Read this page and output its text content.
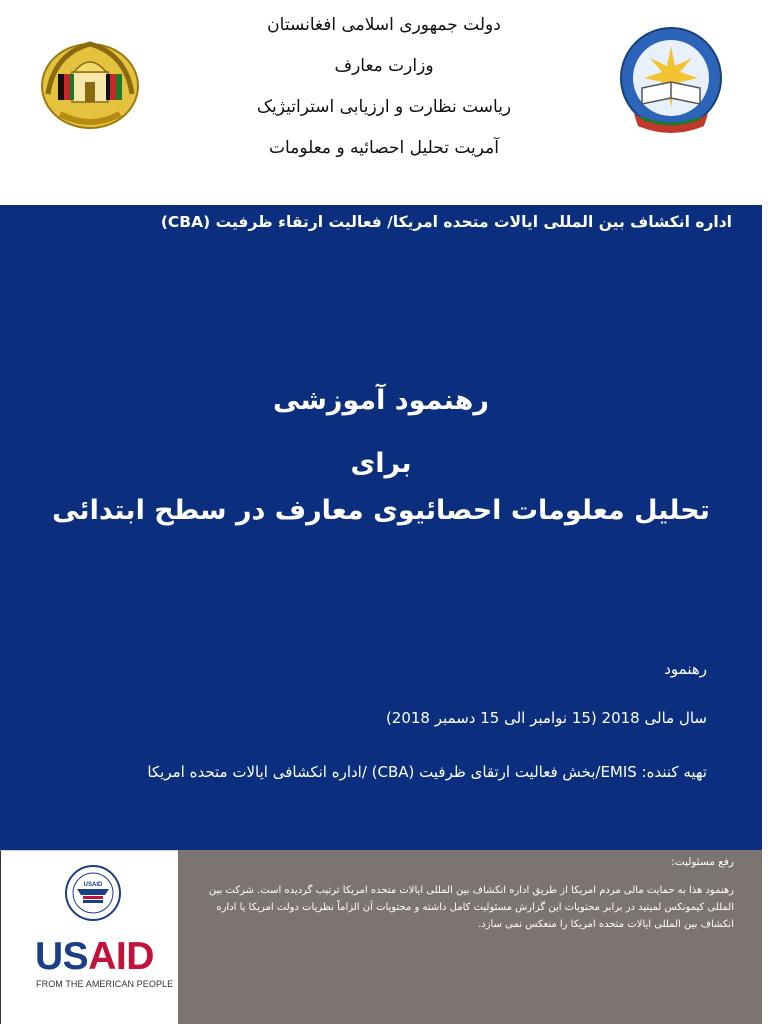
دولت جمهوری اسلامی افغانستان
وزارت معارف
ریاست نظارت و ارزیابی استراتیژیک
آمریت تحلیل احصائیه و معلومات
اداره انکشاف بین المللی ایالات متحده امریکا/ فعالیت ارتقاء ظرفیت (CBA)
رهنمود آموزشی
برای
تحلیل معلومات احصائیوی معارف در سطح ابتدائی
رهنمود
سال مالی 2018 (15 نوامبر الی 15 دسمبر 2018)
تهیه کننده: EMIS/بخش فعالیت ارتقای ظرفیت (CBA) /اداره انکشافی ایالات متحده امریکا
USAID
USAID
FROM THE AMERICAN PEOPLE
رفع مسئولیت:
رهنمود هذا به حمایت مالی مردم امریکا از طریق اداره انکشاف بین المللی ایالات متحده امریکا ترتیب گردیده است. شرکت بین المللی کیمونکس لمیتید در برابر محتویات این گزارش مسئولیت کامل داشته و محتویات آن الزاماً نظریات دولت امریکا یا اداره انکشاف بین المللی ایالات متحده امریکا را منعکس نمی سازد.
